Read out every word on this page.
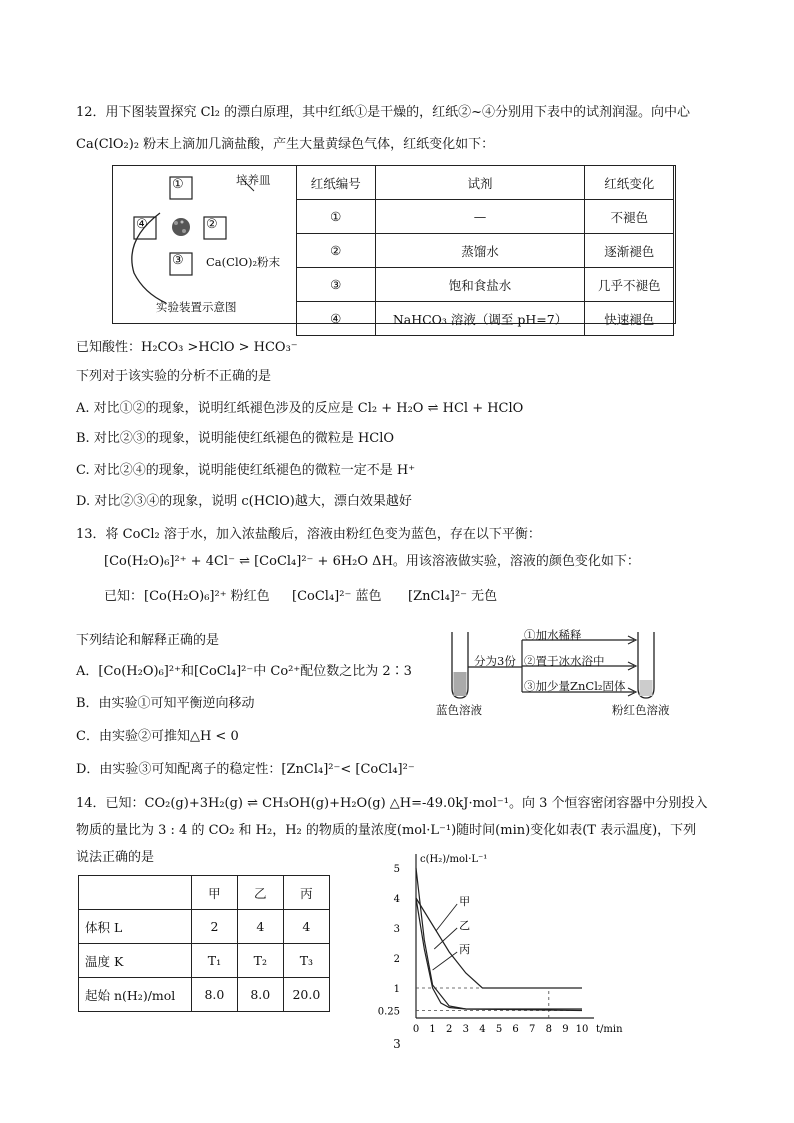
12．用下图装置探究 Cl₂ 的漂白原理，其中红纸①是干燥的，红纸②~④分别用下表中的试剂润湿。向中心
Ca(ClO₂)₂ 粉末上滴加几滴盐酸，产生大量黄绿色气体，红纸变化如下：
①
④	②
③
培养皿
Ca(ClO)₂粉末
实验装置示意图
红纸编号	试剂	红纸变化
①	—	不褪色
②	蒸馏水	逐渐褪色
③	饱和食盐水	几乎不褪色
④	NaHCO₃ 溶液（调至 pH=7）	快速褪色
已知酸性：H₂CO₃ >HClO > HCO₃⁻
下列对于该实验的分析不正确的是
A. 对比①②的现象，说明红纸褪色涉及的反应是 Cl₂ + H₂O ⇌ HCl + HClO
B. 对比②③的现象，说明能使红纸褪色的微粒是 HClO
C. 对比②④的现象，说明能使红纸褪色的微粒一定不是 H⁺
D. 对比②③④的现象，说明 c(HClO)越大，漂白效果越好
13．将 CoCl₂ 溶于水，加入浓盐酸后，溶液由粉红色变为蓝色，存在以下平衡：
[Co(H₂O)₆]²⁺ + 4Cl⁻ ⇌ [CoCl₄]²⁻ + 6H₂O ΔH。用该溶液做实验，溶液的颜色变化如下：
已知： [Co(H₂O)₆]²⁺ 粉红色 [CoCl₄]²⁻ 蓝色 [ZnCl₄]²⁻ 无色
下列结论和解释正确的是
A．[Co(H₂O)₆]²⁺和[CoCl₄]²⁻中 Co²⁺配位数之比为 2∶3
B．由实验①可知平衡逆向移动
C．由实验②可推知△H < 0
D．由实验③可知配离子的稳定性：[ZnCl₄]²⁻< [CoCl₄]²⁻
分为3份
①加水稀释
②置于冰水浴中
③加少量ZnCl₂固体
蓝色溶液	粉红色溶液
14．已知：CO₂(g)+3H₂(g) ⇌ CH₃OH(g)+H₂O(g) △H=-49.0kJ·mol⁻¹。向 3 个恒容密闭容器中分别投入
物质的量比为 3 : 4 的 CO₂ 和 H₂，H₂ 的物质的量浓度(mol·L⁻¹)随时间(min)变化如表(T 表示温度)，下列
说法正确的是
	甲	乙	丙
体积 L	2	4	4
温度 K	T₁	T₂	T₃
起始 n(H₂)/mol	8.0	8.0	20.0
c(H₂)/mol·L⁻¹
t/min
0 1 2 3 4 5 6 7 8 9 10
0.25
1
2
3
4
5
甲
乙
丙
3
